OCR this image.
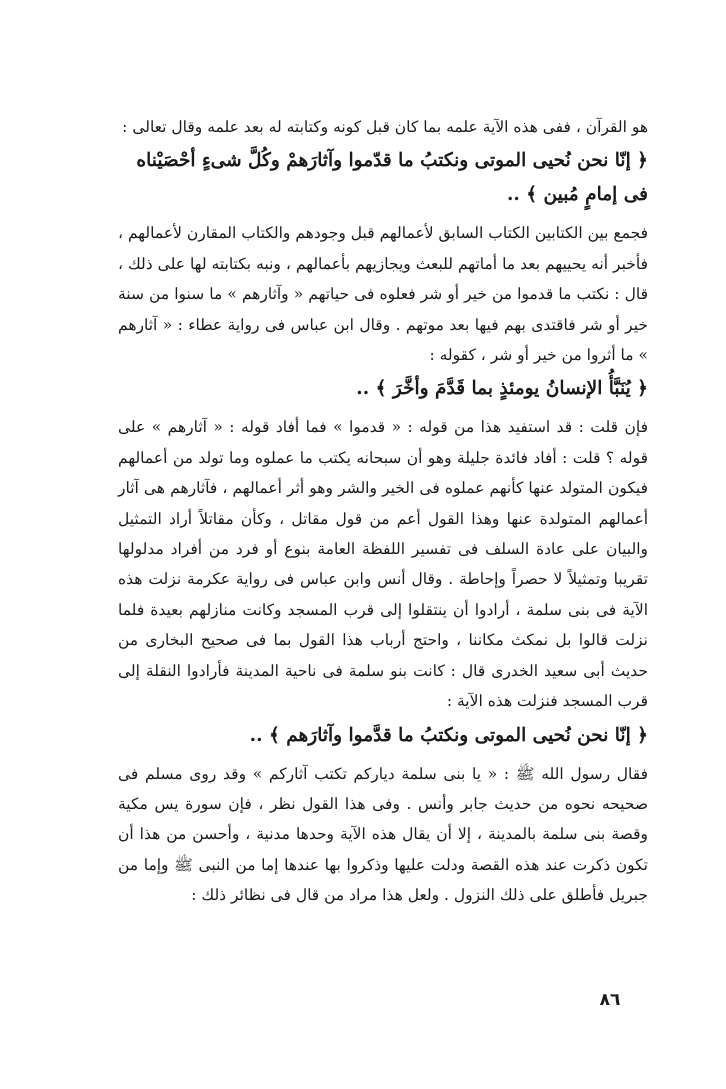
هو القرآن ، ففى هذه الآية علمه بما كان قبل كونه وكتابته له بعد علمه وقال تعالى :

﴿ إنّا نحن نُحيى الموتى ونكتبُ ما قدّموا وآثارَهمْ وكُلَّ شىءٍ أحْصَيْناه فى إمامٍ مُبين ﴾ ..

فجمع بين الكتابين الكتاب السابق لأعمالهم قبل وجودهم والكتاب المقارن لأعمالهم ، فأخبر أنه يحييهم بعد ما أماتهم للبعث ويجازيهم بأعمالهم ، ونبه بكتابته لها على ذلك ، قال : نكتب ما قدموا من خير أو شر فعلوه فى حياتهم « وآثارهم » ما سنوا من سنة خير أو شر فاقتدى بهم فيها بعد موتهم . وقال ابن عباس فى رواية عطاء : « آثارهم » ما أثروا من خير أو شر ، كقوله :

﴿ يُنَبَّأُ الإنسانُ يومئذٍ بما قَدَّمَ وأخَّرَ ﴾ ..

فإن قلت : قد استفيد هذا من قوله : « قدموا » فما أفاد قوله : « آثارهم » على قوله ؟ قلت : أفاد فائدة جليلة وهو أن سبحانه يكتب ما عملوه وما تولد من أعمالهم فيكون المتولد عنها كأنهم عملوه فى الخير والشر وهو أثر أعمالهم ، فآثارهم هى آثار أعمالهم المتولدة عنها وهذا القول أعم من قول مقاتل ، وكأن مقاتلاً أراد التمثيل والبيان على عادة السلف فى تفسير اللفظة العامة بنوع أو فرد من أفراد مدلولها تقريبا وتمثيلاً لا حصراً وإحاطة . وقال أنس وابن عباس فى رواية عكرمة نزلت هذه الآية فى بنى سلمة ، أرادوا أن ينتقلوا إلى قرب المسجد وكانت منازلهم بعيدة فلما نزلت قالوا بل نمكث مكاننا ، واحتج أرباب هذا القول بما فى صحيح البخارى من حديث أبى سعيد الخدرى قال : كانت بنو سلمة فى ناحية المدينة فأرادوا النقلة إلى قرب المسجد فنزلت هذه الآية :

﴿ إنّا نحن نُحيى الموتى ونكتبُ ما قدَّموا وآثارَهم ﴾ ..

فقال رسول الله ﷺ : « يا بنى سلمة دياركم تكتب آثاركم » وقد روى مسلم فى صحيحه نحوه من حديث جابر وأنس . وفى هذا القول نظر ، فإن سورة يس مكية وقصة بنى سلمة بالمدينة ، إلا أن يقال هذه الآية وحدها مدنية ، وأحسن من هذا أن تكون ذكرت عند هذه القصة ودلت عليها وذكروا بها عندها إما من النبى ﷺ وإما من جبريل فأطلق على ذلك النزول . ولعل هذا مراد من قال فى نظائر ذلك :

٨٦
